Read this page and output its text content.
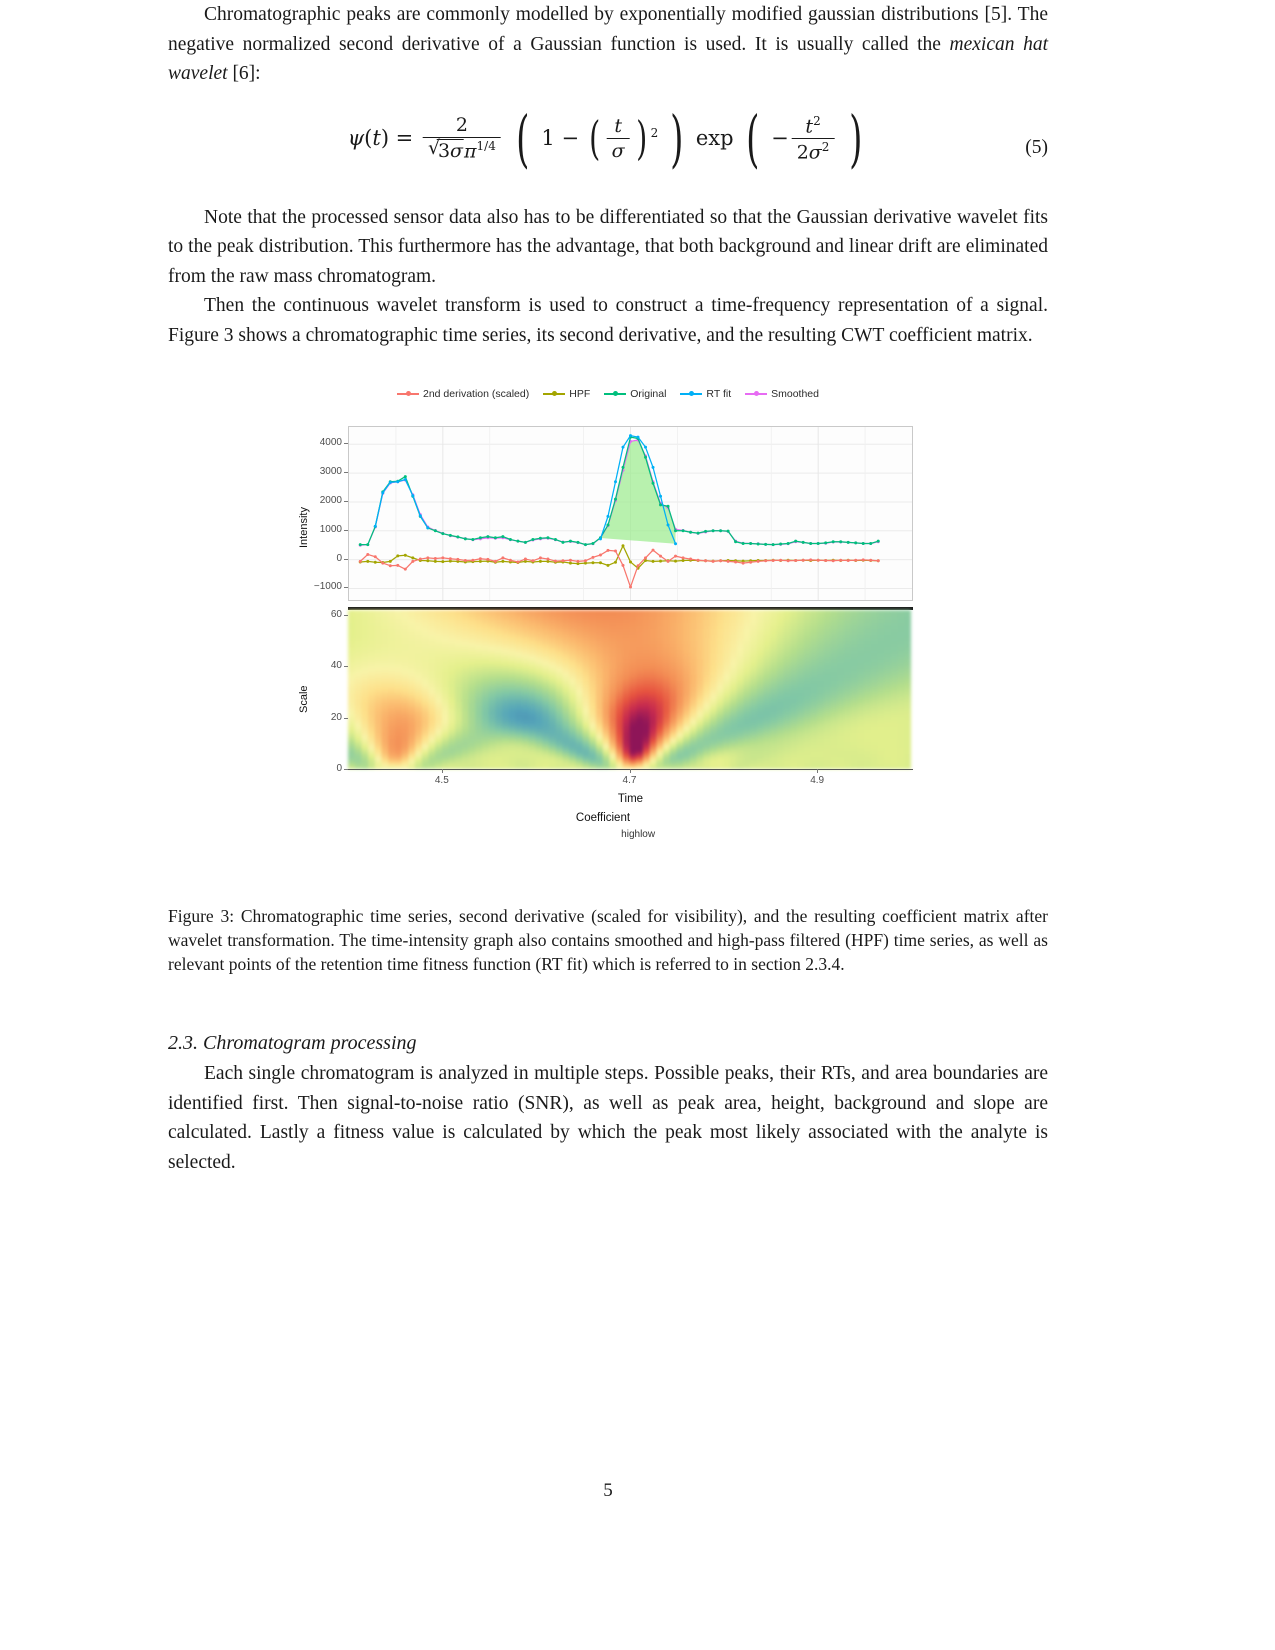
Chromatographic peaks are commonly modelled by exponentially modified gaussian distributions [5]. The negative normalized second derivative of a Gaussian function is used. It is usually called the mexican hat wavelet [6]:

ψ(t) = 2
√ $3\sigma\pi^{1/4}$ ( 1 − ( $\frac{t}{\sigma}$ ) $^2$ ) exp ( − $\frac{t^2}{2\sigma^2}$ )	(5)

Note that the processed sensor data also has to be differentiated so that the Gaussian derivative wavelet fits to the peak distribution. This furthermore has the advantage, that both background and linear drift are eliminated from the raw mass chromatogram.

Then the continuous wavelet transform is used to construct a time-frequency representation of a signal. Figure 3 shows a chromatographic time series, its second derivative, and the resulting CWT coefficient matrix.

2nd derivation (scaled)	HPF	Original	RT fit	Smoothed
Intensity
−1000
0
1000
2000
3000
4000
Scale
0
20
40
60
4.5	4.7	4.9
Time
Coefficient
low
high

Figure 3: Chromatographic time series, second derivative (scaled for visibility), and the resulting coefficient matrix after wavelet transformation. The time-intensity graph also contains smoothed and high-pass filtered (HPF) time series, as well as relevant points of the retention time fitness function (RT fit) which is referred to in section 2.3.4.

2.3. Chromatogram processing

Each single chromatogram is analyzed in multiple steps. Possible peaks, their RTs, and area boundaries are identified first. Then signal-to-noise ratio (SNR), as well as peak area, height, background and slope are calculated. Lastly a fitness value is calculated by which the peak most likely associated with the analyte is selected.

5
